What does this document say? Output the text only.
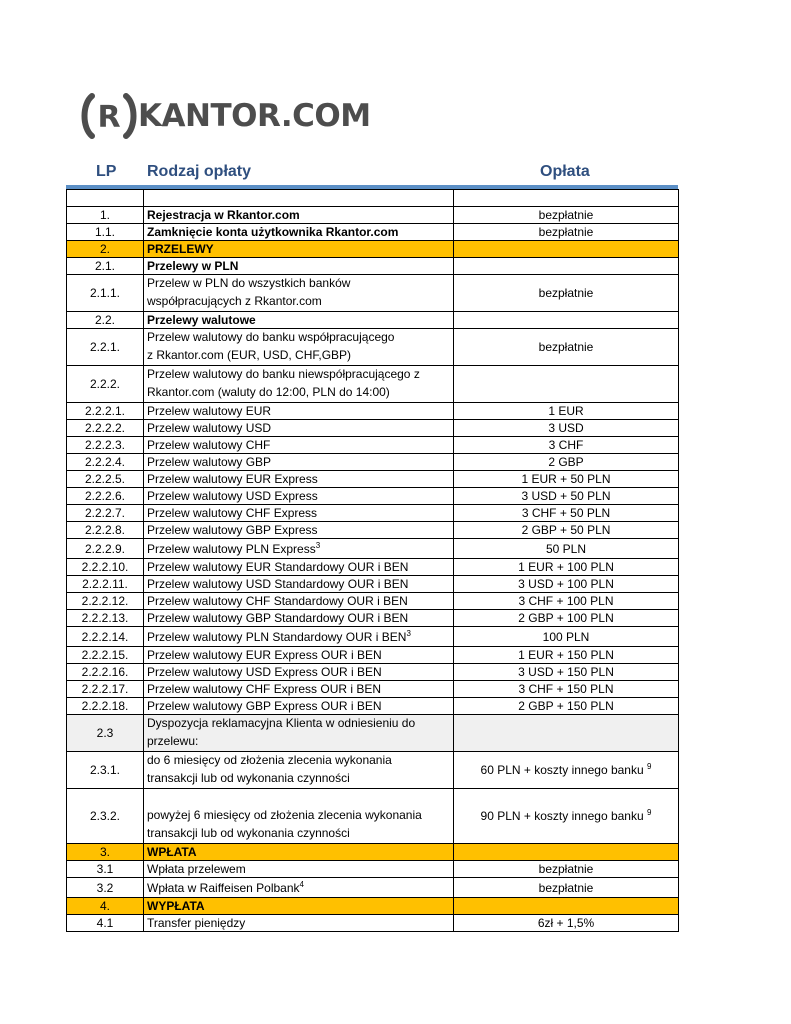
R KANTOR.COM
LP Rodzaj opłaty	Opłata

1.	Rejestracja w Rkantor.com	bezpłatnie
1.1.	Zamknięcie konta użytkownika Rkantor.com	bezpłatnie
2.	PRZELEWY	
2.1.	Przelewy w PLN	
2.1.1.	Przelew w PLN do wszystkich banków
współpracujących z Rkantor.com	bezpłatnie
2.2.	Przelewy walutowe	
2.2.1.	Przelew walutowy do banku współpracującego
z Rkantor.com (EUR, USD, CHF,GBP)	bezpłatnie
2.2.2.	Przelew walutowy do banku niewspółpracującego z
Rkantor.com (waluty do 12:00, PLN do 14:00)	

2.2.2.1.	Przelew walutowy EUR	1 EUR
2.2.2.2.	Przelew walutowy USD	3 USD
2.2.2.3.	Przelew walutowy CHF	3 CHF
2.2.2.4.	Przelew walutowy GBP	2 GBP
2.2.2.5.	Przelew walutowy EUR Express	1 EUR + 50 PLN
2.2.2.6.	Przelew walutowy USD Express	3 USD + 50 PLN
2.2.2.7.	Przelew walutowy CHF Express	3 CHF + 50 PLN
2.2.2.8.	Przelew walutowy GBP Express	2 GBP + 50 PLN
2.2.2.9.	Przelew walutowy PLN Express$^3$	50 PLN
2.2.2.10.	Przelew walutowy EUR Standardowy OUR i BEN	1 EUR + 100 PLN
2.2.2.11.	Przelew walutowy USD Standardowy OUR i BEN	3 USD + 100 PLN
2.2.2.12.	Przelew walutowy CHF Standardowy OUR i BEN	3 CHF + 100 PLN
2.2.2.13.	Przelew walutowy GBP Standardowy OUR i BEN	2 GBP + 100 PLN
2.2.2.14.	Przelew walutowy PLN Standardowy OUR i BEN$^3$	100 PLN
2.2.2.15.	Przelew walutowy EUR Express OUR i BEN	1 EUR + 150 PLN
2.2.2.16.	Przelew walutowy USD Express OUR i BEN	3 USD + 150 PLN
2.2.2.17.	Przelew walutowy CHF Express OUR i BEN	3 CHF + 150 PLN
2.2.2.18.	Przelew walutowy GBP Express OUR i BEN	2 GBP + 150 PLN
2.3	Dyspozycja reklamacyjna Klienta w odniesieniu do
przelewu:	

2.3.1.	do 6 miesięcy od złożenia zlecenia wykonania
transakcji lub od wykonania czynności	60 PLN + koszty innego banku $^9$
2.3.2.	powyżej 6 miesięcy od złożenia zlecenia wykonania
transakcji lub od wykonania czynności	90 PLN + koszty innego banku $^9$
3.	WPŁATA	
3.1	Wpłata przelewem	bezpłatnie
3.2	Wpłata w Raiffeisen Polbank$^4$	bezpłatnie
4.	WYPŁATA	
4.1	Transfer pieniędzy	6zł + 1,5%
